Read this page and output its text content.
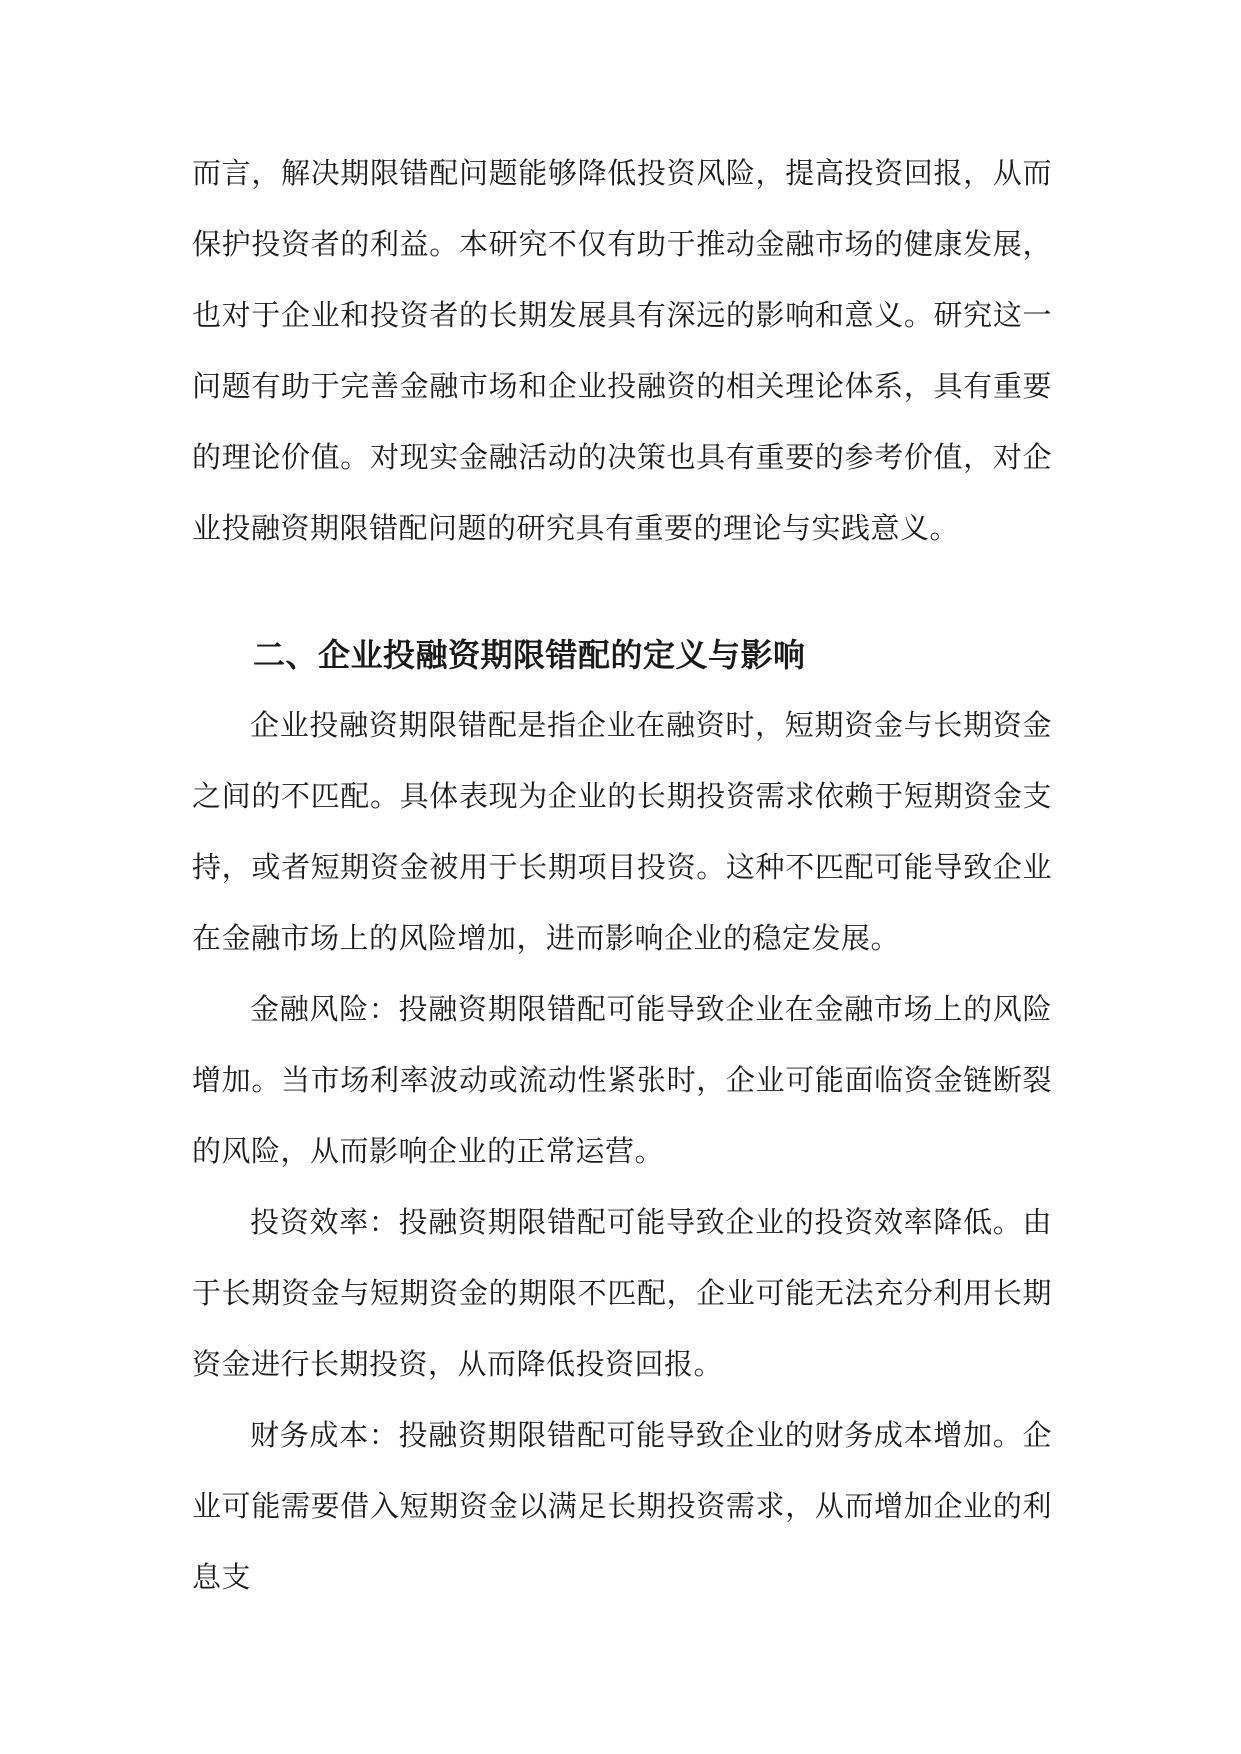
而言，解决期限错配问题能够降低投资风险，提高投资回报，从而保护投资者的利益。本研究不仅有助于推动金融市场的健康发展，也对于企业和投资者的长期发展具有深远的影响和意义。研究这一问题有助于完善金融市场和企业投融资的相关理论体系，具有重要的理论价值。对现实金融活动的决策也具有重要的参考价值，对企业投融资期限错配问题的研究具有重要的理论与实践意义。

二、企业投融资期限错配的定义与影响

企业投融资期限错配是指企业在融资时，短期资金与长期资金之间的不匹配。具体表现为企业的长期投资需求依赖于短期资金支持，或者短期资金被用于长期项目投资。这种不匹配可能导致企业在金融市场上的风险增加，进而影响企业的稳定发展。

金融风险：投融资期限错配可能导致企业在金融市场上的风险增加。当市场利率波动或流动性紧张时，企业可能面临资金链断裂的风险，从而影响企业的正常运营。

投资效率：投融资期限错配可能导致企业的投资效率降低。由于长期资金与短期资金的期限不匹配，企业可能无法充分利用长期资金进行长期投资，从而降低投资回报。

财务成本：投融资期限错配可能导致企业的财务成本增加。企业可能需要借入短期资金以满足长期投资需求，从而增加企业的利息支
